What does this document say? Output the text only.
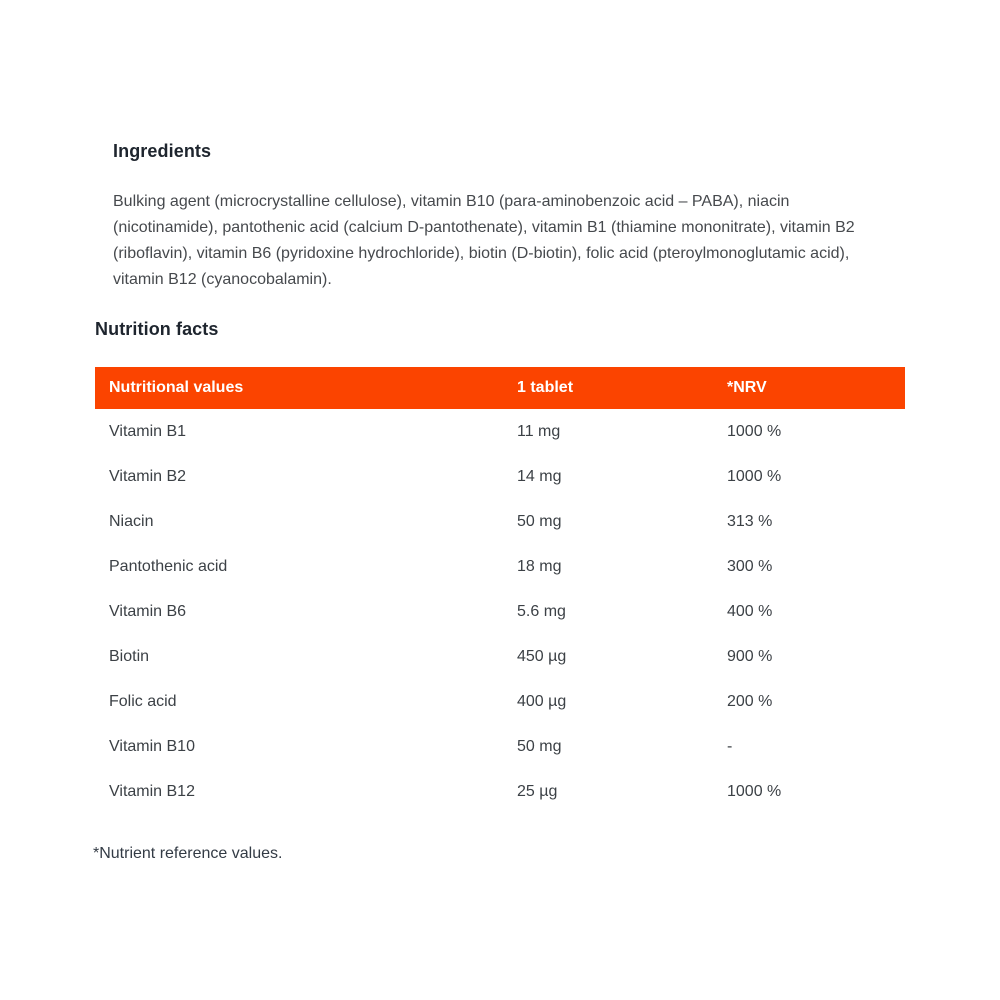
Ingredients

Bulking agent (microcrystalline cellulose), vitamin B10 (para-aminobenzoic acid – PABA), niacin (nicotinamide), pantothenic acid (calcium D-pantothenate), vitamin B1 (thiamine mononitrate), vitamin B2 (riboflavin), vitamin B6 (pyridoxine hydrochloride), biotin (D-biotin), folic acid (pteroylmonoglutamic acid), vitamin B12 (cyanocobalamin).

Nutrition facts
Nutritional values	1 tablet	*NRV
Vitamin B1	11 mg	1000 %
Vitamin B2	14 mg	1000 %
Niacin	50 mg	313 %
Pantothenic acid	18 mg	300 %
Vitamin B6	5.6 mg	400 %
Biotin	450 µg	900 %
Folic acid	400 µg	200 %
Vitamin B10	50 mg	-
Vitamin B12	25 µg	1000 %

*Nutrient reference values.
